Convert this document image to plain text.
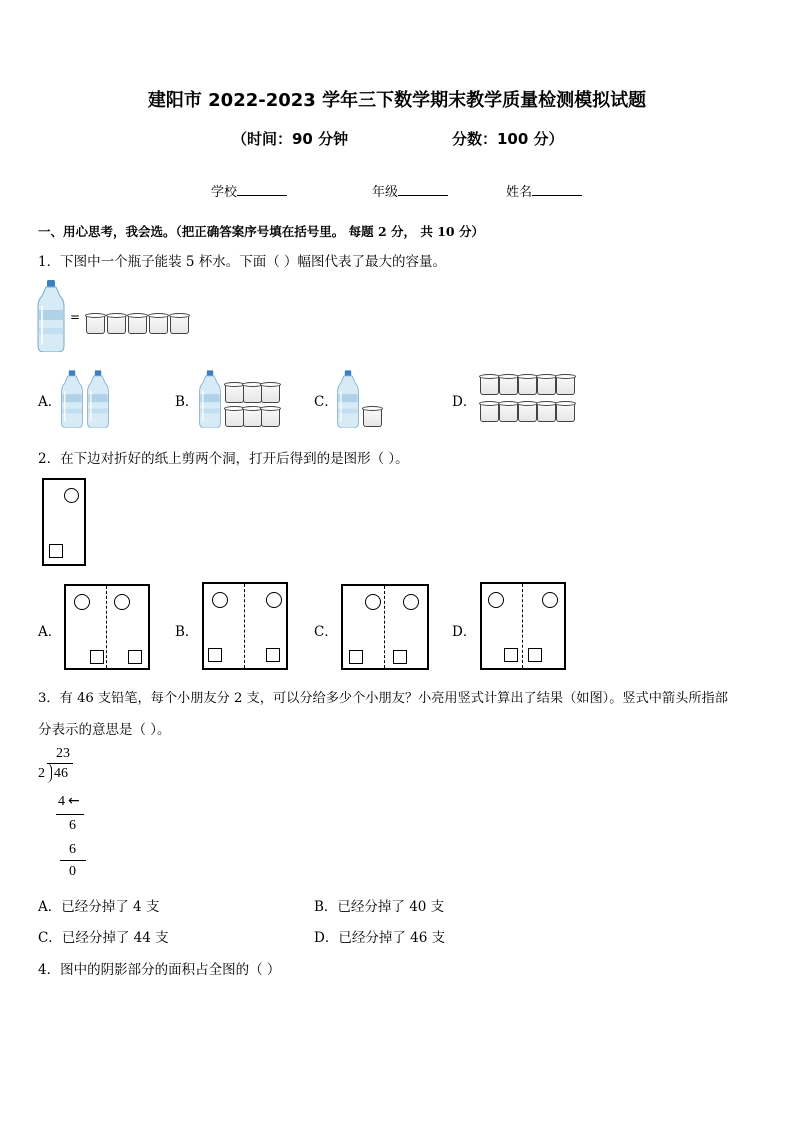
建阳市 2022-2023 学年三下数学期末教学质量检测模拟试题
（时间：90 分钟	分数：100 分）
学校	年级	姓名
一、用心思考，我会选。（把正确答案序号填在括号里。 每题 2 分， 共 10 分）
1．下图中一个瓶子能装 5 杯水。下面（ ）幅图代表了最大的容量。
=
A．	B．	C．	D．
2．在下边对折好的纸上剪两个洞，打开后得到的是图形（ ）。
A．	B．	C．	D．
3．有 46 支铅笔，每个小朋友分 2 支，可以分给多少个小朋友？小亮用竖式计算出了结果（如图）。竖式中箭头所指部
分表示的意思是（ ）。
23
2 46
4 ←
6
6
0
A．已经分掉了 4 支	B．已经分掉了 40 支
C．已经分掉了 44 支	D．已经分掉了 46 支
4．图中的阴影部分的面积占全图的（ ）
